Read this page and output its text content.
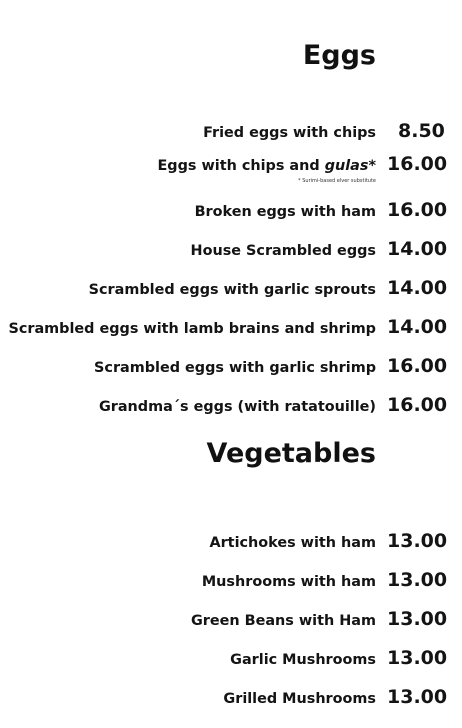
Eggs
Fried eggs with chips 8.50
Eggs with chips and gulas*
* Surimi-based elver substitute
16.00
Broken eggs with ham 16.00
House Scrambled eggs 14.00
Scrambled eggs with garlic sprouts 14.00
Scrambled eggs with lamb brains and shrimp 14.00
Scrambled eggs with garlic shrimp 16.00
Grandma´s eggs (with ratatouille) 16.00
Vegetables
Artichokes with ham 13.00
Mushrooms with ham 13.00
Green Beans with Ham 13.00
Garlic Mushrooms 13.00
Grilled Mushrooms 13.00
